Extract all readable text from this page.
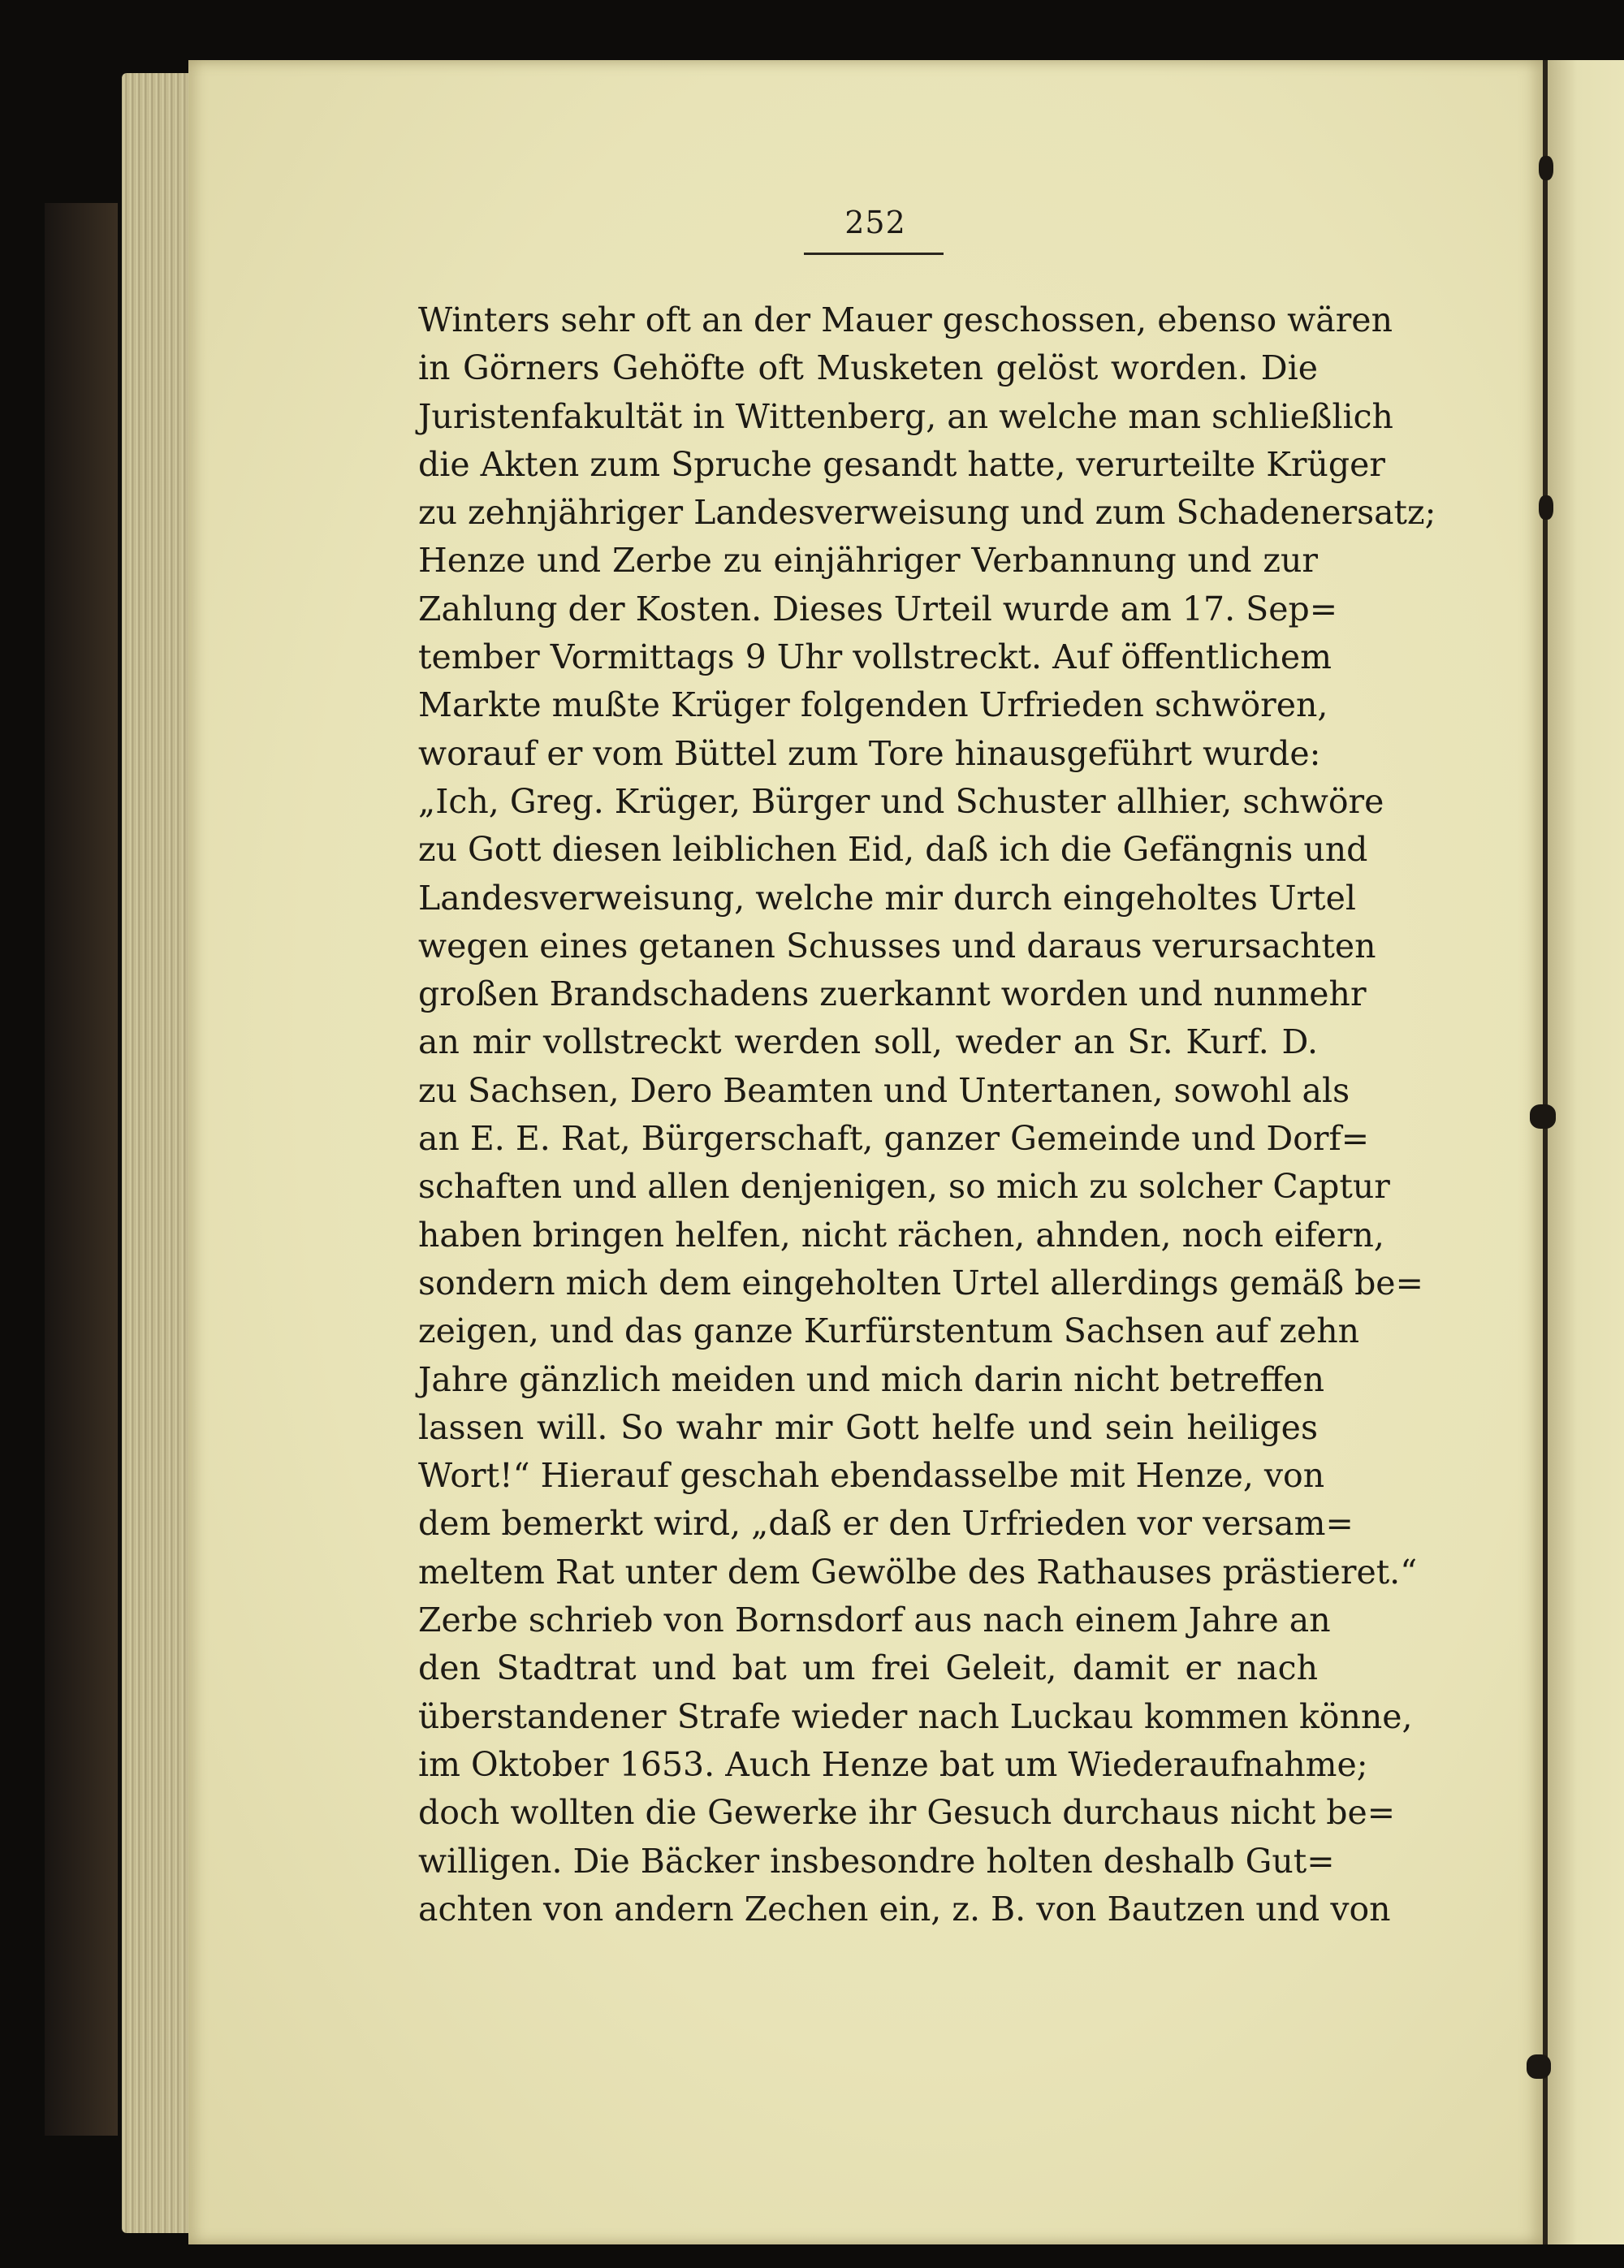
252
Winters sehr oft an der Mauer geschossen, ebenso wären
in Görners Gehöfte oft Musketen gelöst worden. Die
Juristenfakultät in Wittenberg, an welche man schließlich
die Akten zum Spruche gesandt hatte, verurteilte Krüger
zu zehnjähriger Landesverweisung und zum Schadenersatz;
Henze und Zerbe zu einjähriger Verbannung und zur
Zahlung der Kosten. Dieses Urteil wurde am 17. Sep=
tember Vormittags 9 Uhr vollstreckt. Auf öffentlichem
Markte mußte Krüger folgenden Urfrieden schwören,
worauf er vom Büttel zum Tore hinausgeführt wurde:
„Ich, Greg. Krüger, Bürger und Schuster allhier, schwöre
zu Gott diesen leiblichen Eid, daß ich die Gefängnis und
Landesverweisung, welche mir durch eingeholtes Urtel
wegen eines getanen Schusses und daraus verursachten
großen Brandschadens zuerkannt worden und nunmehr
an mir vollstreckt werden soll, weder an Sr. Kurf. D.
zu Sachsen, Dero Beamten und Untertanen, sowohl als
an E. E. Rat, Bürgerschaft, ganzer Gemeinde und Dorf=
schaften und allen denjenigen, so mich zu solcher Captur
haben bringen helfen, nicht rächen, ahnden, noch eifern,
sondern mich dem eingeholten Urtel allerdings gemäß be=
zeigen, und das ganze Kurfürstentum Sachsen auf zehn
Jahre gänzlich meiden und mich darin nicht betreffen
lassen will. So wahr mir Gott helfe und sein heiliges
Wort!“ Hierauf geschah ebendasselbe mit Henze, von
dem bemerkt wird, „daß er den Urfrieden vor versam=
meltem Rat unter dem Gewölbe des Rathauses prästieret.“
Zerbe schrieb von Bornsdorf aus nach einem Jahre an
den Stadtrat und bat um frei Geleit, damit er nach
überstandener Strafe wieder nach Luckau kommen könne,
im Oktober 1653. Auch Henze bat um Wiederaufnahme;
doch wollten die Gewerke ihr Gesuch durchaus nicht be=
willigen. Die Bäcker insbesondre holten deshalb Gut=
achten von andern Zechen ein, z. B. von Bautzen und von
